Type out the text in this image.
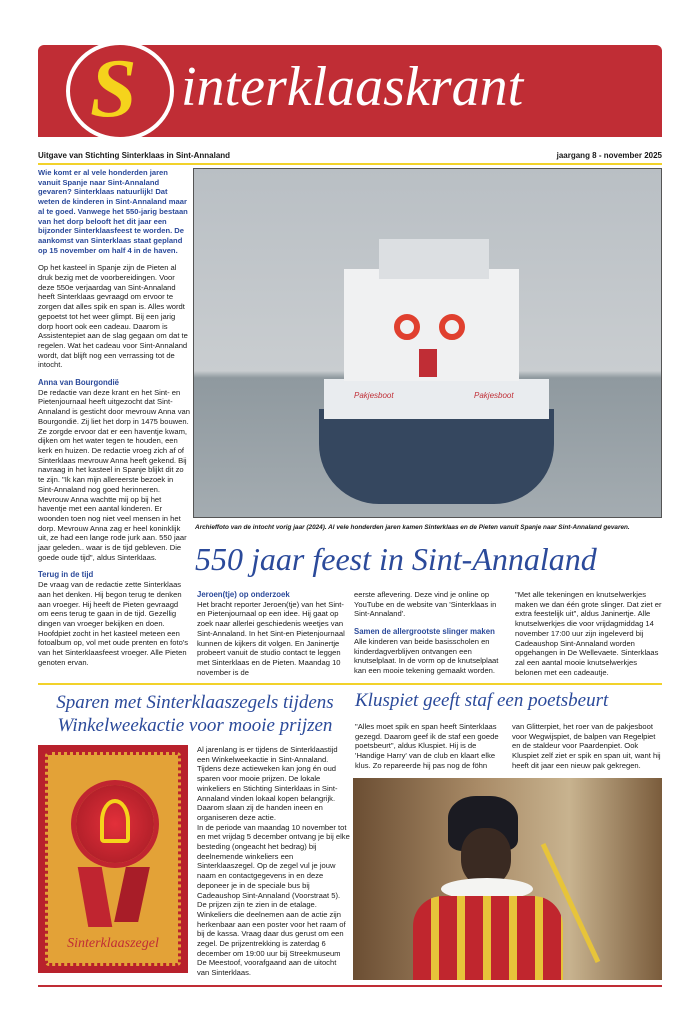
S interklaaskrant
Uitgave van Stichting Sinterklaas in Sint-Annaland	jaargang 8 - november 2025

Wie komt er al vele honderden jaren vanuit Spanje naar Sint-Annaland gevaren? Sinterklaas natuurlijk! Dat weten de kinderen in Sint-Annaland maar al te goed. Vanwege het 550-jarig bestaan van het dorp belooft het dit jaar een bijzonder Sinterklaasfeest te worden. De aankomst van Sinterklaas staat gepland op 15 november om half 4 in de haven.

Op het kasteel in Spanje zijn de Pieten al druk bezig met de voorbereidingen. Voor deze 550e verjaardag van Sint-Annaland heeft Sinterklaas gevraagd om ervoor te zorgen dat alles spik en span is. Alles wordt gepoetst tot het weer glimpt. Bij een jarig dorp hoort ook een cadeau. Daarom is Assistentepiet aan de slag gegaan om dat te regelen. Wat het cadeau voor Sint-Annaland wordt, dat blijft nog een verrassing tot de intocht.

Anna van Bourgondië

De redactie van deze krant en het Sint- en Pietenjournaal heeft uitgezocht dat Sint-Annaland is gesticht door mevrouw Anna van Bourgondië. Zij liet het dorp in 1475 bouwen. Ze zorgde ervoor dat er een haventje kwam, dijken om het water tegen te houden, een kerk en huizen. De redactie vroeg zich af of Sinterklaas mevrouw Anna heeft gekend. Bij navraag in het kasteel in Spanje blijkt dit zo te zijn. "Ik kan mijn allereerste bezoek in Sint-Annaland nog goed herinneren. Mevrouw Anna wachtte mij op bij het haventje met een aantal kinderen. Er woonden toen nog niet veel mensen in het dorp. Mevrouw Anna zag er heel koninklijk uit, ze had een lange rode jurk aan. 550 jaar jaar geleden.. waar is de tijd gebleven. Die goede oude tijd", aldus Sinterklaas.

Terug in de tijd

De vraag van de redactie zette Sinterklaas aan het denken. Hij begon terug te denken aan vroeger. Hij heeft de Pieten gevraagd om eens terug te gaan in de tijd. Gezellig dingen van vroeger bekijken en doen. Hoofdpiet zocht in het kasteel meteen een fotoalbum op, vol met oude prenten en foto's van het Sinterklaasfeest vroeger. Alle Pieten genoten ervan.

Pakjesboot	Pakjesboot
Archieffoto van de intocht vorig jaar (2024). Al vele honderden jaren kamen Sinterklaas en de Pieten vanuit Spanje naar Sint-Annaland gevaren.
550 jaar feest in Sint-Annaland
Jeroen(tje) op onderzoek

Het bracht reporter Jeroen(tje) van het Sint- en Pietenjournaal op een idee. Hij gaat op zoek naar allerlei geschiedenis weetjes van Sint-Annaland. In het Sint-en Pietenjournaal kunnen de kijkers dit volgen. En Janinertje probeert vanuit de studio contact te leggen met Sinterklaas en de Pieten. Maandag 10 november is de

eerste aflevering. Deze vind je online op YouTube en de website van 'Sinterklaas in Sint-Annaland'.

Samen de allergrootste slinger maken

Alle kinderen van beide basisscholen en kinderdagverblijven ontvangen een knutselplaat. In de vorm op de knutselplaat kan een mooie tekening gemaakt worden.

"Met alle tekeningen en knutselwerkjes maken we dan één grote slinger. Dat ziet er extra feestelijk uit", aldus Janinertje. Alle knutselwerkjes die voor vrijdagmiddag 14 november 17:00 uur zijn ingeleverd bij Cadeaushop Sint-Annaland worden opgehangen in De Wellevaete. Sinterklaas zal een aantal mooie knutselwerkjes belonen met een cadeautje.

Sparen met Sinterklaaszegels tijdens Winkelweekactie voor mooie prijzen
Sinterklaaszegel
Al jarenlang is er tijdens de Sinterklaastijd een Winkelweekactie in Sint-Annaland. Tijdens deze actieweken kan jong én oud sparen voor mooie prijzen. De lokale winkeliers en Stichting Sinterklaas in Sint-Annaland vinden lokaal kopen belangrijk. Daarom slaan zij de handen ineen en organiseren deze actie.
In de periode van maandag 10 november tot en met vrijdag 5 december ontvang je bij elke besteding (ongeacht het bedrag) bij deelnemende winkeliers een Sinterklaaszegel. Op de zegel vul je jouw naam en contactgegevens in en deze deponeer je in de speciale bus bij Cadeaushop Sint-Annaland (Voorstraat 5). De prijzen zijn te zien in de etalage.
Winkeliers die deelnemen aan de actie zijn herkenbaar aan een poster voor het raam of bij de kassa. Vraag daar dus gerust om een zegel. De prijzentrekking is zaterdag 6 december om 19:00 uur bij Streekmuseum De Meestoof, voorafgaand aan de uitocht van Sinterklaas.
Kluspiet geeft staf een poetsbeurt
"Alles moet spik en span heeft Sinterklaas gezegd. Daarom geef ik de staf een goede poetsbeurt", aldus Kluspiet. Hij is de 'Handige Harry' van de club en klaart elke klus. Zo repareerde hij pas nog de föhn
van Glitterpiet, het roer van de pakjesboot voor Wegwijspiet, de balpen van Regelpiet en de staldeur voor Paardenpiet. Ook Kluspiet zelf ziet er spik en span uit, want hij heeft dit jaar een nieuw pak gekregen.
